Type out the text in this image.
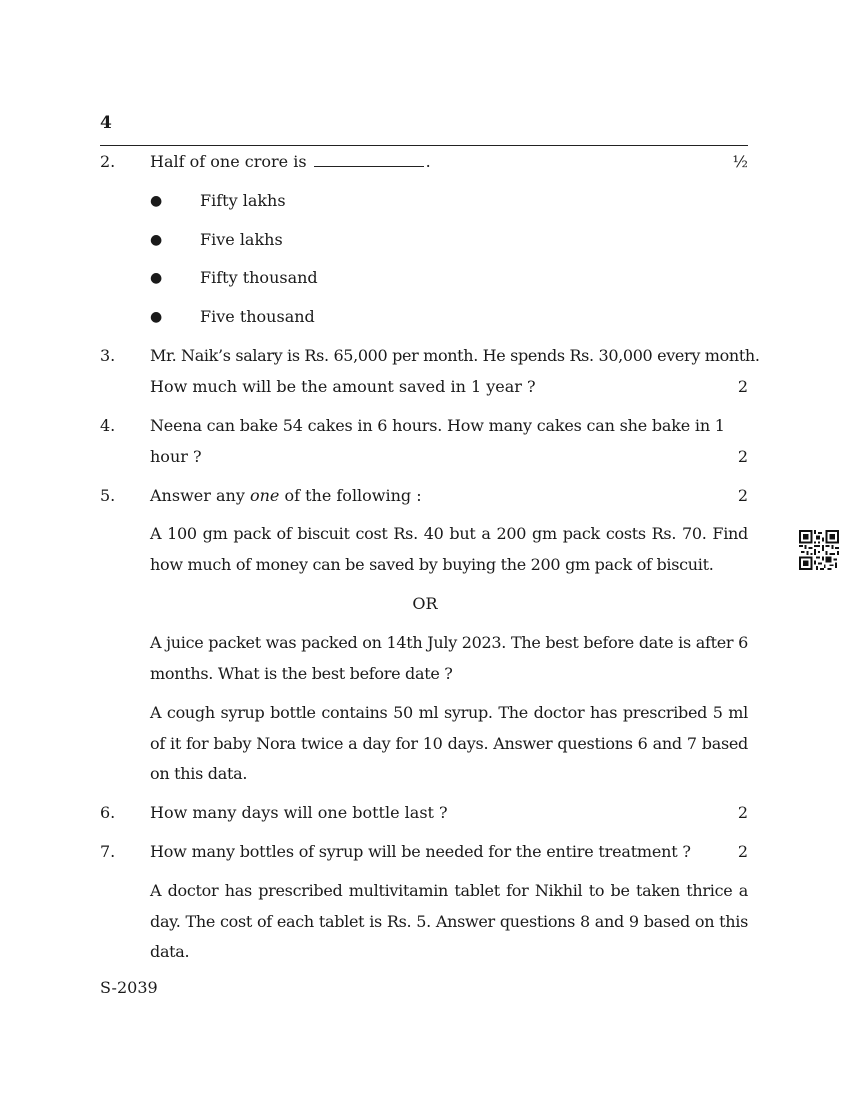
4
2. Half of one crore is	.	½
● Fifty lakhs
● Five lakhs
● Fifty thousand
● Five thousand
3. Mr. Naik’s salary is Rs. 65,000 per month. He spends Rs. 30,000 every month.
How much will be the amount saved in 1 year ?	2
4. Neena can bake 54 cakes in 6 hours. How many cakes can she bake in 1
hour ?	2
5. Answer any one of the following :	2
A 100 gm pack of biscuit cost Rs. 40 but a 200 gm pack costs Rs. 70. Find how much of money can be saved by buying the 200 gm pack of biscuit.
OR
A juice packet was packed on 14th July 2023. The best before date is after 6 months. What is the best before date ?
A cough syrup bottle contains 50 ml syrup. The doctor has prescribed 5 ml of it for baby Nora twice a day for 10 days. Answer questions 6 and 7 based on this data.
6. How many days will one bottle last ?	2
7. How many bottles of syrup will be needed for the entire treatment ?	2
A doctor has prescribed multivitamin tablet for Nikhil to be taken thrice a day. The cost of each tablet is Rs. 5. Answer questions 8 and 9 based on this data.
S-2039
